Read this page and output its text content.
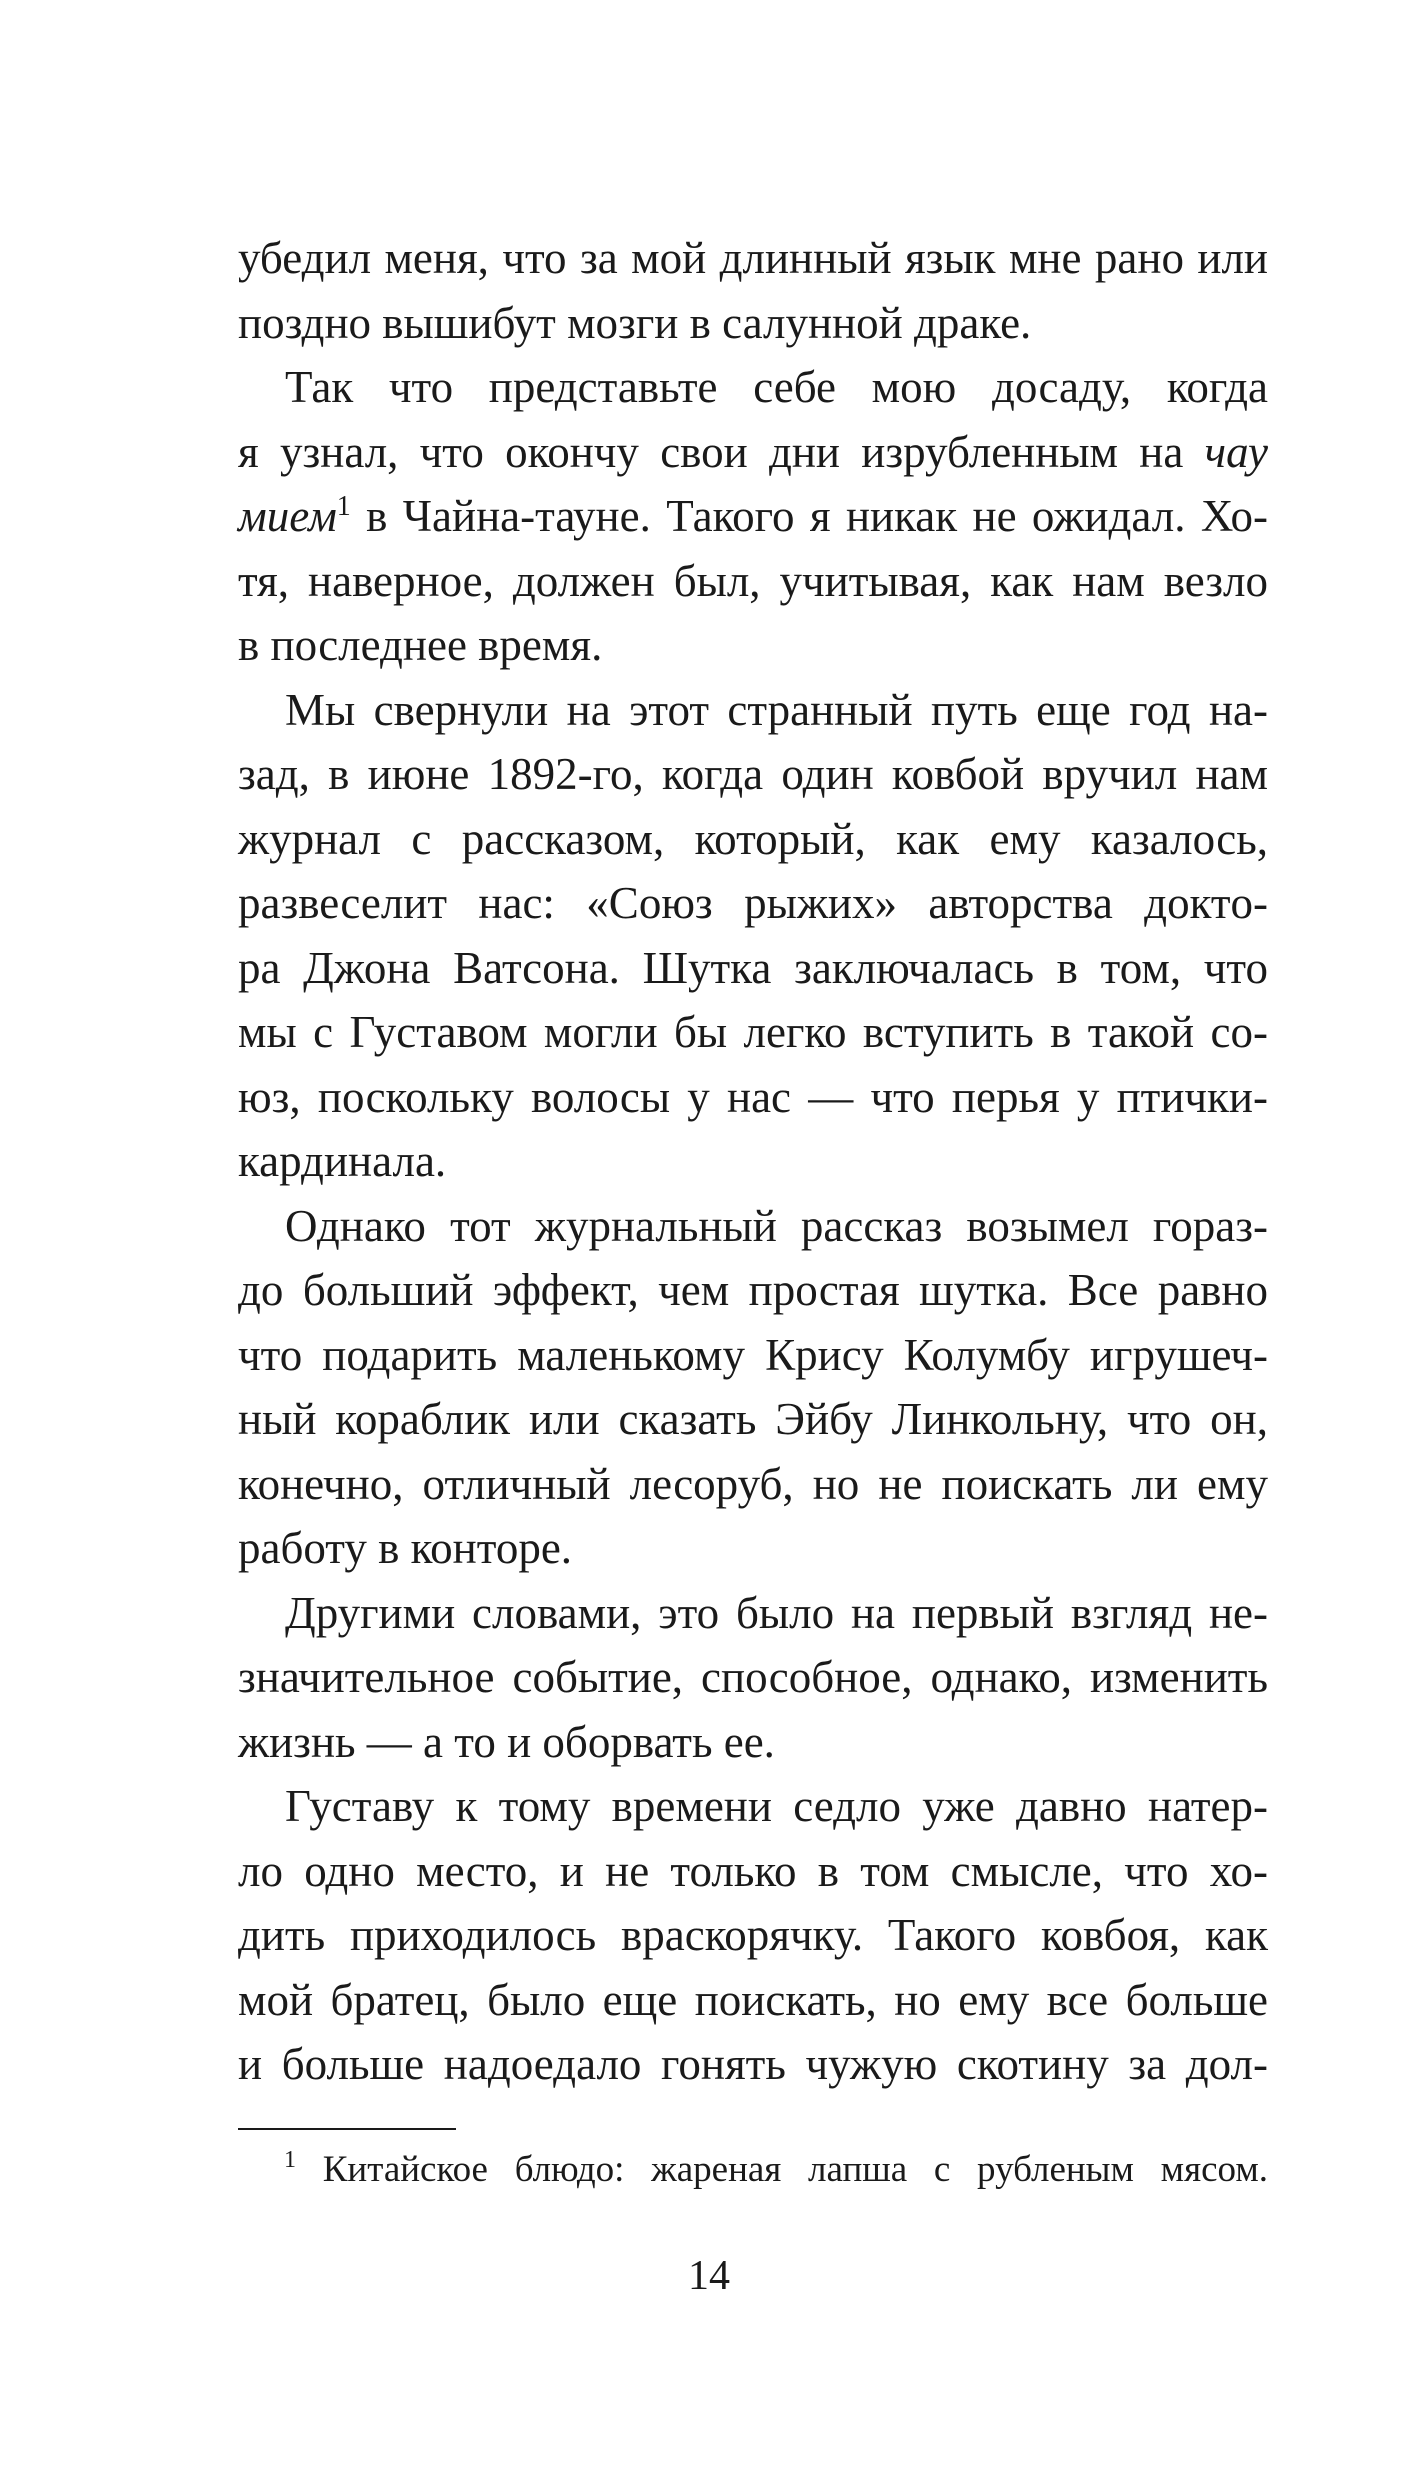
убедил меня, что за мой длинный язык мне рано или
поздно вышибут мозги в салунной драке.
Так что представьте себе мою досаду, когда
я узнал, что окончу свои дни изрубленным на чау
мием$^1$ в Чайна-тауне. Такого я никак не ожидал. Хо-
тя, наверное, должен был, учитывая, как нам везло
в последнее время.
Мы свернули на этот странный путь еще год на-
зад, в июне 1892-го, когда один ковбой вручил нам
журнал с рассказом, который, как ему казалось,
развеселит нас: «Союз рыжих» авторства доктo-
ра Джона Ватсона. Шутка заключалась в том, что
мы с Густавом могли бы легко вступить в такой со-
юз, поскольку волосы у нас — что перья у птички-
кардинала.
Однако тот журнальный рассказ возымел гораз-
до больший эффект, чем простая шутка. Все равно
что подарить маленькому Крису Колумбу игрушеч-
ный кораблик или сказать Эйбу Линкольну, что он,
конечно, отличный лесоруб, но не поискать ли ему
работу в конторе.
Другими словами, это было на первый взгляд не-
значительное событие, способное, однако, изменить
жизнь — а то и оборвать ее.
Густаву к тому времени седло уже давно натер-
ло одно место, и не только в том смысле, что хо-
дить приходилось враскорячку. Такого ковбоя, как
мой братец, было еще поискать, но ему все больше
и больше надоедало гонять чужую скотину за дол-
$^1$ Китайское блюдо: жареная лапша с рубленым мясом.
14
